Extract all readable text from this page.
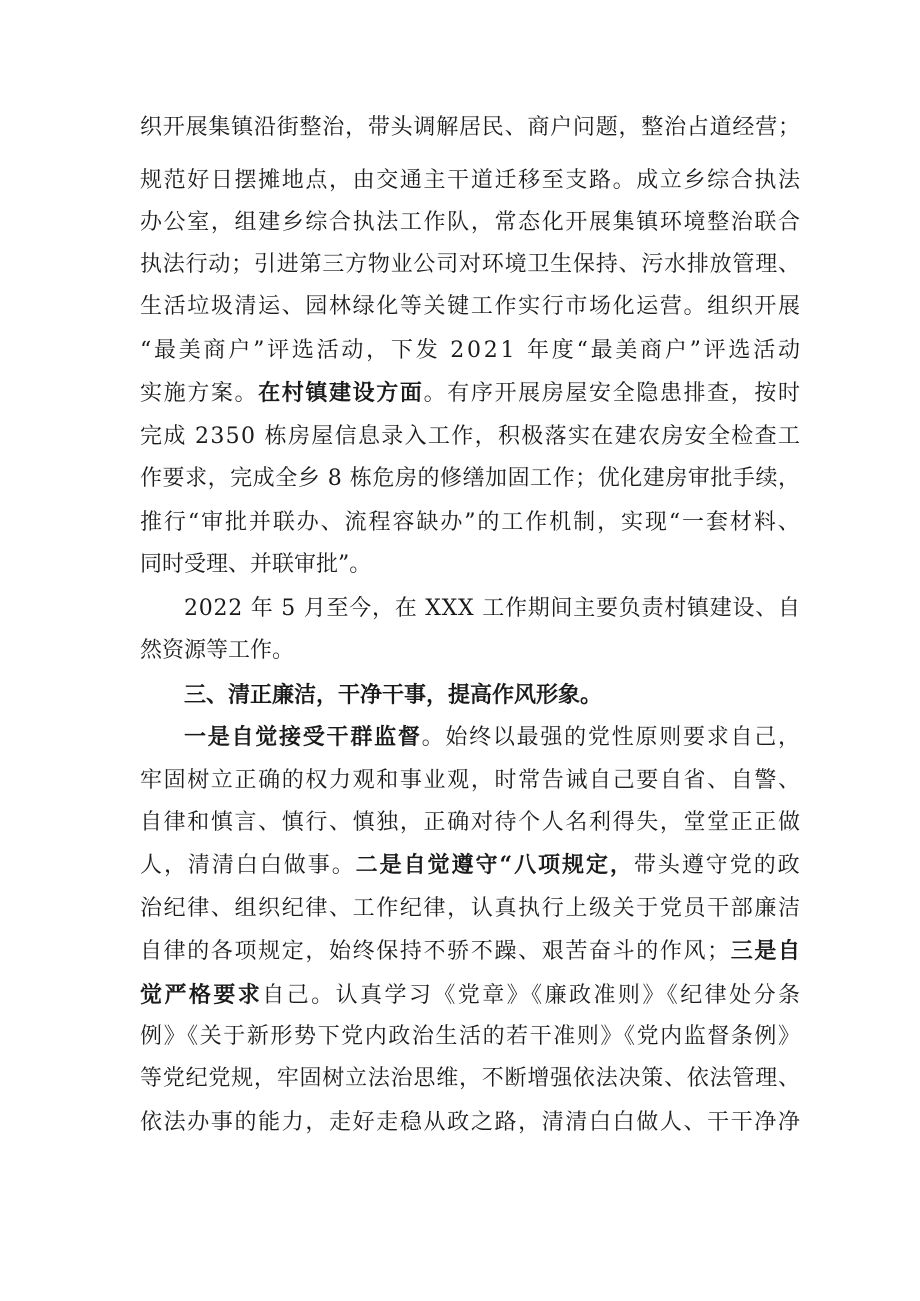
织开展集镇沿街整治，带头调解居民、商户问题，整治占道经营；
规范好日摆摊地点，由交通主干道迁移至支路。成立乡综合执法
办公室，组建乡综合执法工作队，常态化开展集镇环境整治联合
执法行动；引进第三方物业公司对环境卫生保持、污水排放管理、
生活垃圾清运、园林绿化等关键工作实行市场化运营。组织开展
“最美商户”评选活动，下发 2021 年度“最美商户”评选活动
实施方案。在村镇建设方面。有序开展房屋安全隐患排查，按时
完成 2350 栋房屋信息录入工作，积极落实在建农房安全检查工
作要求，完成全乡 8 栋危房的修缮加固工作；优化建房审批手续，
推行“审批并联办、流程容缺办”的工作机制，实现“一套材料、
同时受理、并联审批”。
2022 年 5 月至今，在 XXX 工作期间主要负责村镇建设、自
然资源等工作。
三、清正廉洁，干净干事，提高作风形象。
一是自觉接受干群监督。始终以最强的党性原则要求自己，
牢固树立正确的权力观和事业观，时常告诫自己要自省、自警、
自律和慎言、慎行、慎独，正确对待个人名利得失，堂堂正正做
人，清清白白做事。二是自觉遵守“八项规定，带头遵守党的政
治纪律、组织纪律、工作纪律，认真执行上级关于党员干部廉洁
自律的各项规定，始终保持不骄不躁、艰苦奋斗的作风；三是自
觉严格要求自己。认真学习《党章》《廉政准则》《纪律处分条
例》《关于新形势下党内政治生活的若干准则》《党内监督条例》
等党纪党规，牢固树立法治思维，不断增强依法决策、依法管理、
依法办事的能力，走好走稳从政之路，清清白白做人、干干净净
